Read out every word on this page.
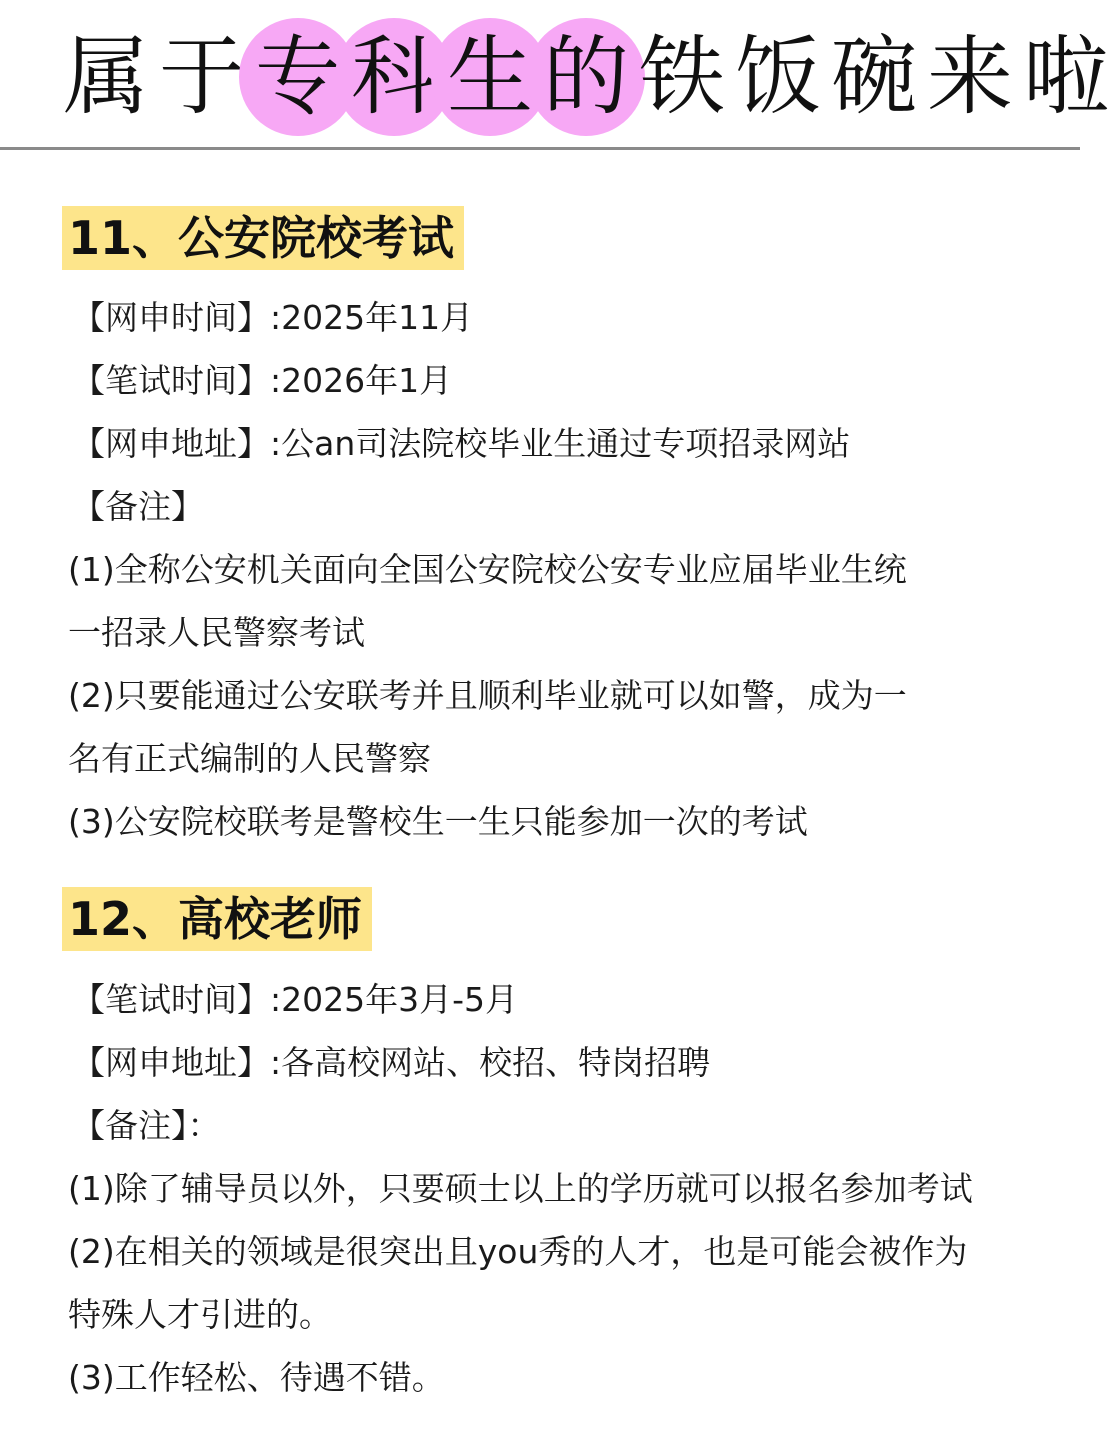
属 于 专 科 生 的 铁 饭 碗 来 啦
11、公安院校考试
【网申时间】:2025年11月
【笔试时间】:2026年1月
【网申地址】:公an司法院校毕业生通过专项招录网站
【备注】
(1)全称公安机关面向全国公安院校公安专业应届毕业生统
一招录人民警察考试
(2)只要能通过公安联考并且顺利毕业就可以如警，成为一
名有正式编制的人民警察
(3)公安院校联考是警校生一生只能参加一次的考试
12、高校老师
【笔试时间】:2025年3月-5月
【网申地址】:各高校网站、校招、特岗招聘
【备注】：
(1)除了辅导员以外，只要硕士以上的学历就可以报名参加考试
(2)在相关的领域是很突出且you秀的人才，也是可能会被作为
特殊人才引进的。
(3)工作轻松、待遇不错。
